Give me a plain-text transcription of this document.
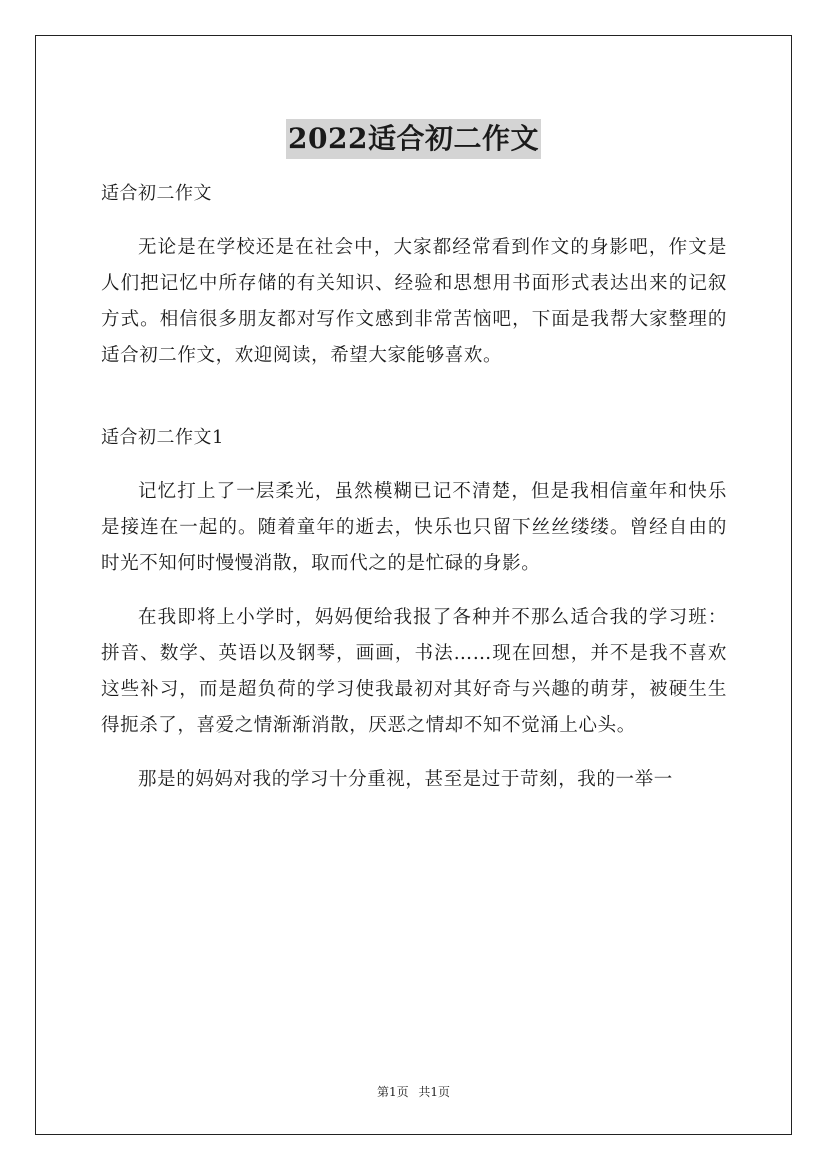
2022适合初二作文

适合初二作文

无论是在学校还是在社会中，大家都经常看到作文的身影吧，作文是人们把记忆中所存储的有关知识、经验和思想用书面形式表达出来的记叙方式。相信很多朋友都对写作文感到非常苦恼吧，下面是我帮大家整理的适合初二作文，欢迎阅读，希望大家能够喜欢。

适合初二作文1

记忆打上了一层柔光，虽然模糊已记不清楚，但是我相信童年和快乐是接连在一起的。随着童年的逝去，快乐也只留下丝丝缕缕。曾经自由的时光不知何时慢慢消散，取而代之的是忙碌的身影。

在我即将上小学时，妈妈便给我报了各种并不那么适合我的学习班：拼音、数学、英语以及钢琴，画画，书法……现在回想，并不是我不喜欢这些补习，而是超负荷的学习使我最初对其好奇与兴趣的萌芽，被硬生生得扼杀了，喜爱之情渐渐消散，厌恶之情却不知不觉涌上心头。

那是的妈妈对我的学习十分重视，甚至是过于苛刻，我的一举一

第1页 共1页
